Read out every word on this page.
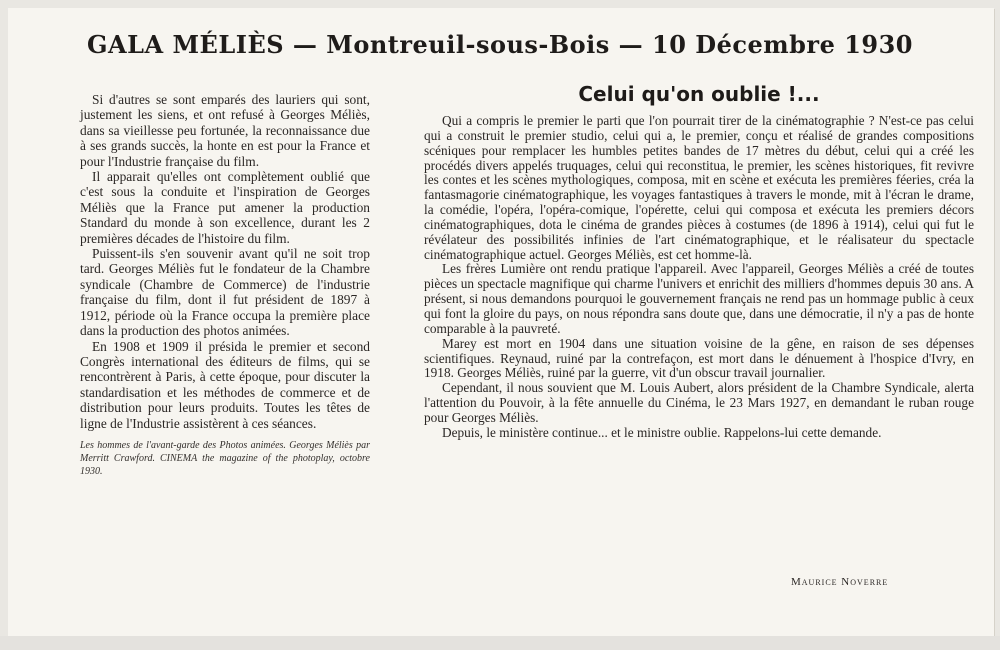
GALA MÉLIÈS — Montreuil-sous-Bois — 10 Décembre 1930

Si d'autres se sont emparés des lauriers qui sont, justement les siens, et ont refusé à Georges Méliès, dans sa vieillesse peu fortunée, la reconnaissance due à ses grands succès, la honte en est pour la France et pour l'Industrie française du film.

Il apparait qu'elles ont complètement oublié que c'est sous la conduite et l'inspiration de Georges Méliès que la France put amener la production Standard du monde à son excellence, durant les 2 premières décades de l'histoire du film.

Puissent-ils s'en souvenir avant qu'il ne soit trop tard. Georges Méliès fut le fondateur de la Chambre syndicale (Chambre de Commerce) de l'industrie française du film, dont il fut président de 1897 à 1912, période où la France occupa la première place dans la production des photos animées.

En 1908 et 1909 il présida le premier et second Congrès international des éditeurs de films, qui se rencontrèrent à Paris, à cette époque, pour discuter la standardisation et les méthodes de commerce et de distribution pour leurs produits. Toutes les têtes de ligne de l'Industrie assistèrent à ces séances.

Les hommes de l'avant-garde des Photos animées. Georges Méliès par Merritt Crawford. CINEMA the magazine of the photoplay, octobre 1930.
Celui qu'on oublie !...

Qui a compris le premier le parti que l'on pourrait tirer de la cinématographie ? N'est-ce pas celui qui a construit le premier studio, celui qui a, le premier, conçu et réalisé de grandes compositions scéniques pour remplacer les humbles petites bandes de 17 mètres du début, celui qui a créé les procédés divers appelés truquages, celui qui reconstitua, le premier, les scènes historiques, fit revivre les contes et les scènes mythologiques, composa, mit en scène et exécuta les premières féeries, créa la fantasmagorie cinématographique, les voyages fantastiques à travers le monde, mit à l'écran le drame, la comédie, l'opéra, l'opéra-comique, l'opérette, celui qui composa et exécuta les premiers décors cinématographiques, dota le cinéma de grandes pièces à costumes (de 1896 à 1914), celui qui fut le révélateur des possibilités infinies de l'art cinématographique, et le réalisateur du spectacle cinématographique actuel. Georges Méliès, est cet homme-là.

Les frères Lumière ont rendu pratique l'appareil. Avec l'appareil, Georges Méliès a créé de toutes pièces un spectacle magnifique qui charme l'univers et enrichit des milliers d'hommes depuis 30 ans. A présent, si nous demandons pourquoi le gouvernement français ne rend pas un hommage public à ceux qui font la gloire du pays, on nous répondra sans doute que, dans une démocratie, il n'y a pas de honte comparable à la pauvreté.

Marey est mort en 1904 dans une situation voisine de la gêne, en raison de ses dépenses scientifiques. Reynaud, ruiné par la contrefaçon, est mort dans le dénuement à l'hospice d'Ivry, en 1918. Georges Méliès, ruiné par la guerre, vit d'un obscur travail journalier.

Cependant, il nous souvient que M. Louis Aubert, alors président de la Chambre Syndicale, alerta l'attention du Pouvoir, à la fête annuelle du Cinéma, le 23 Mars 1927, en demandant le ruban rouge pour Georges Méliès.

Depuis, le ministère continue... et le ministre oublie. Rappelons-lui cette demande.

Maurice Noverre
